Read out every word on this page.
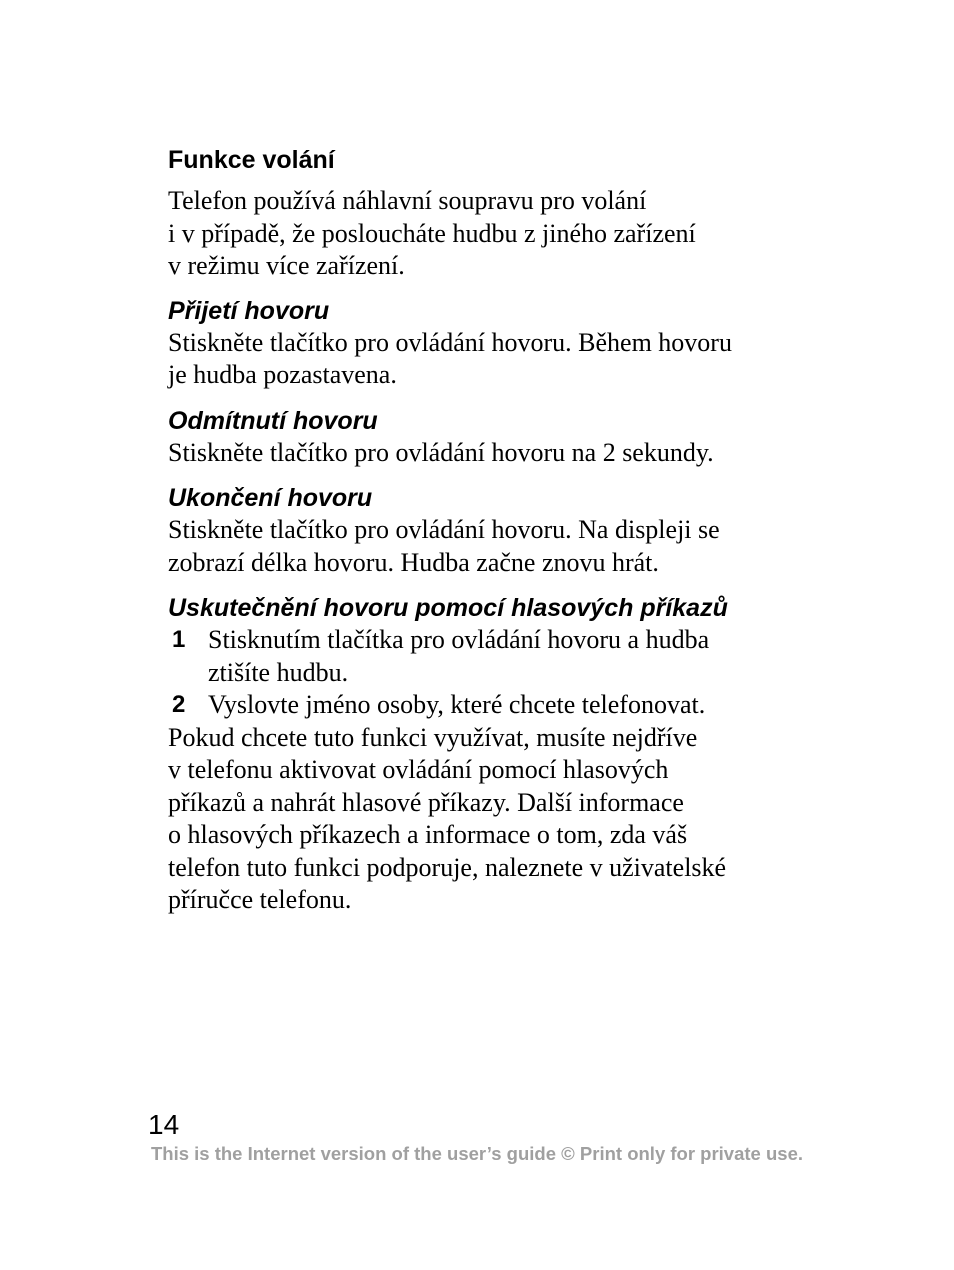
Funkce volání

Telefon používá náhlavní soupravu pro volání
i v případě, že posloucháte hudbu z jiného zařízení
v režimu více zařízení.

Přijetí hovoru

Stiskněte tlačítko pro ovládání hovoru. Během hovoru
je hudba pozastavena.

Odmítnutí hovoru

Stiskněte tlačítko pro ovládání hovoru na 2 sekundy.

Ukončení hovoru

Stiskněte tlačítko pro ovládání hovoru. Na displeji se
zobrazí délka hovoru. Hudba začne znovu hrát.

Uskutečnění hovoru pomocí hlasových příkazů
1 Stisknutím tlačítka pro ovládání hovoru a hudba
ztišíte hudbu.
2 Vyslovte jméno osoby, které chcete telefonovat.

Pokud chcete tuto funkci využívat, musíte nejdříve
v telefonu aktivovat ovládání pomocí hlasových
příkazů a nahrát hlasové příkazy. Další informace
o hlasových příkazech a informace o tom, zda váš
telefon tuto funkci podporuje, naleznete v uživatelské
příručce telefonu.

14
This is the Internet version of the user’s guide © Print only for private use.
